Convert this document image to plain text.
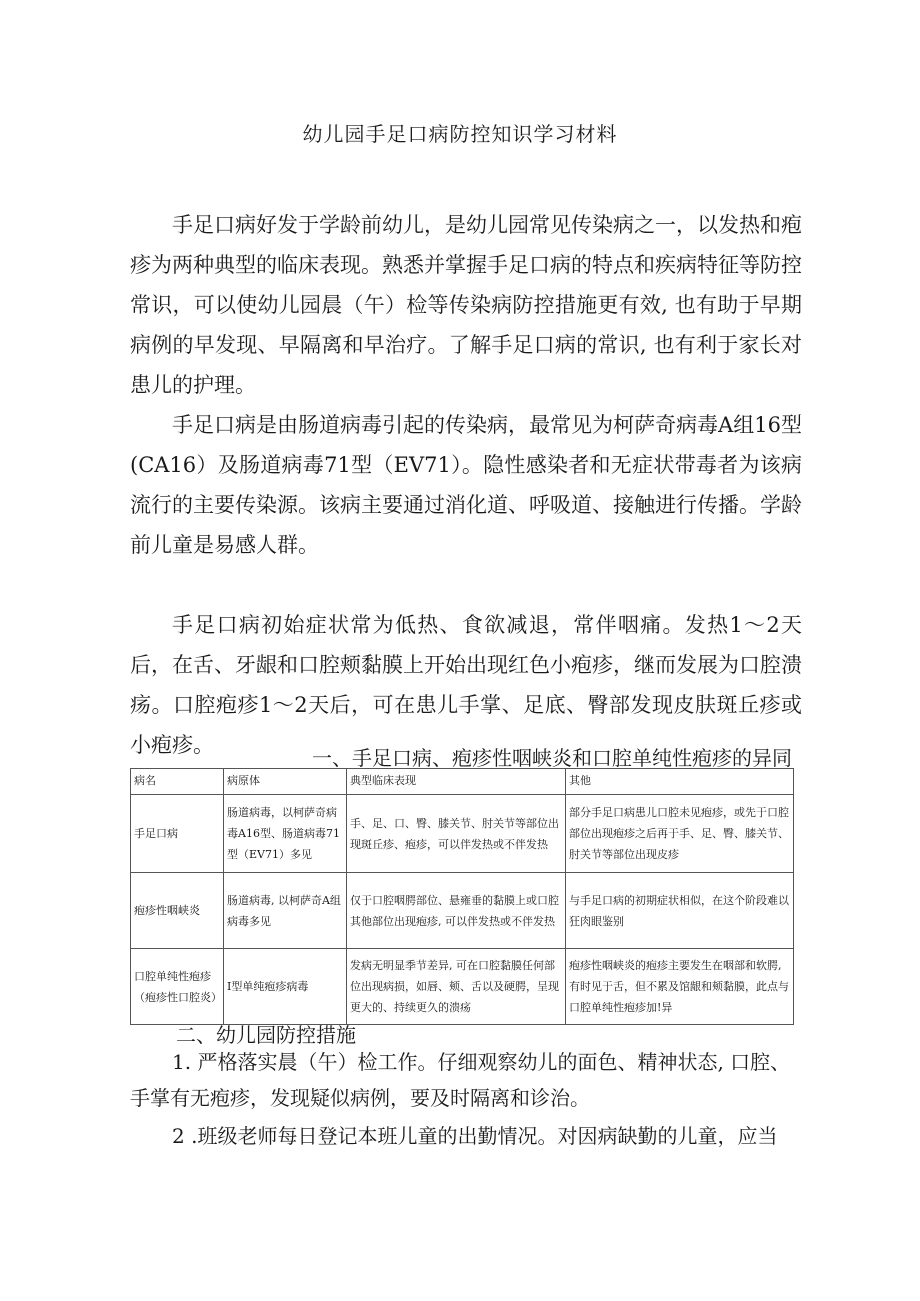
幼儿园手足口病防控知识学习材料

手足口病好发于学龄前幼儿，是幼儿园常见传染病之一，以发热和疱疹为两种典型的临床表现。熟悉并掌握手足口病的特点和疾病特征等防控常识，可以使幼儿园晨（午）检等传染病防控措施更有效, 也有助于早期病例的早发现、早隔离和早治疗。了解手足口病的常识, 也有利于家长对患儿的护理。

手足口病是由肠道病毒引起的传染病，最常见为柯萨奇病毒A组16型(CA16）及肠道病毒71型（EV71）。隐性感染者和无症状带毒者为该病流行的主要传染源。该病主要通过消化道、呼吸道、接触进行传播。学龄前儿童是易感人群。

手足口病初始症状常为低热、食欲减退，常伴咽痛。发热1～2天后，在舌、牙龈和口腔颊黏膜上开始出现红色小疱疹，继而发展为口腔溃疡。口腔疱疹1～2天后，可在患儿手掌、足底、臀部发现皮肤斑丘疹或小疱疹。

一、手足口病、疱疹性咽峡炎和口腔单纯性疱疹的异同
病名	病原体	典型临床表现	其他
手足口病	肠道病毒，以柯萨奇病毒A16型、肠道病毒71型（EV71）多见	手、足、口、臀、膝关节、肘关节等部位出现斑丘疹、疱疹，可以伴发热或不伴发热	部分手足口病患儿口腔未见疱疹，或先于口腔部位出现疱疹之后再于手、足、臀、膝关节、肘关节等部位出现皮疹
疱疹性咽峡炎	肠道病毒, 以柯萨奇A组病毒多见	仅于口腔咽腭部位、悬雍垂的黏膜上或口腔其他部位出现疱疹, 可以伴发热或不伴发热	与手足口病的初期症状相似，在这个阶段难以狂肉眼鉴别
口腔单纯性疱疹（疱疹性口腔炎）	I型单纯疱疹病毒	发病无明显季节差异, 可在口腔黏膜任何部位出现病损，如唇、颊、舌以及硬腭，呈现更大的、持续更久的溃疡	疱疹性咽峡炎的疱疹主要发生在咽部和软腭, 有时见于舌，但不累及馆龈和颊黏膜，此点与口腔单纯性疱疹加!异
二、幼儿园防控措施

1. 严格落实晨（午）检工作。仔细观察幼儿的面色、精神状态, 口腔、手掌有无疱疹，发现疑似病例，要及时隔离和诊治。

2 .班级老师每日登记本班儿童的出勤情况。对因病缺勤的儿童，应当
